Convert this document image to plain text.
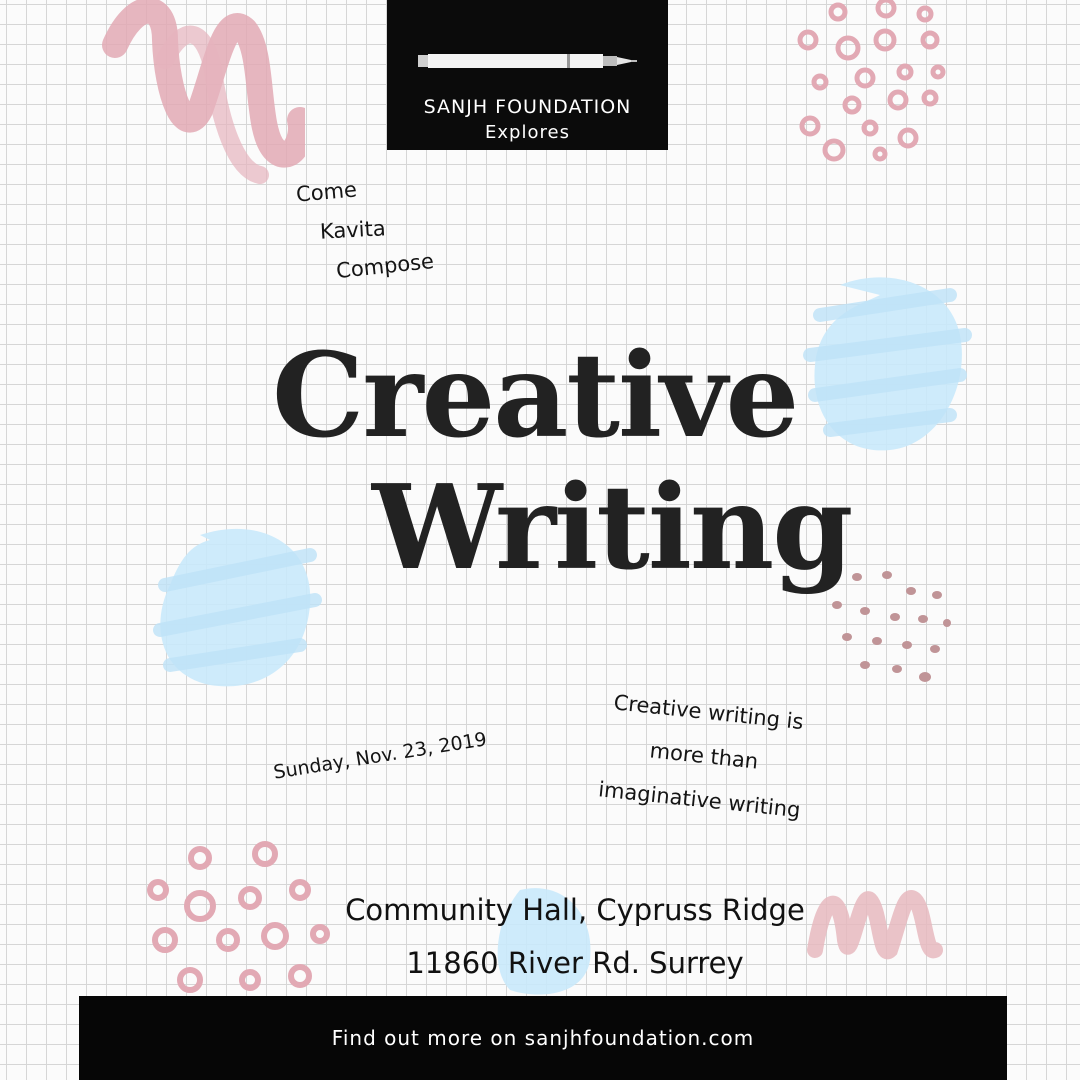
SANJH FOUNDATION
Explores
Come
Kavita
Compose
Creative
Writing
Sunday, Nov. 23, 2019
Creative writing is
more than
imaginative writing
Community Hall, Cypruss Ridge
11860 River Rd. Surrey
Find out more on sanjhfoundation.com
